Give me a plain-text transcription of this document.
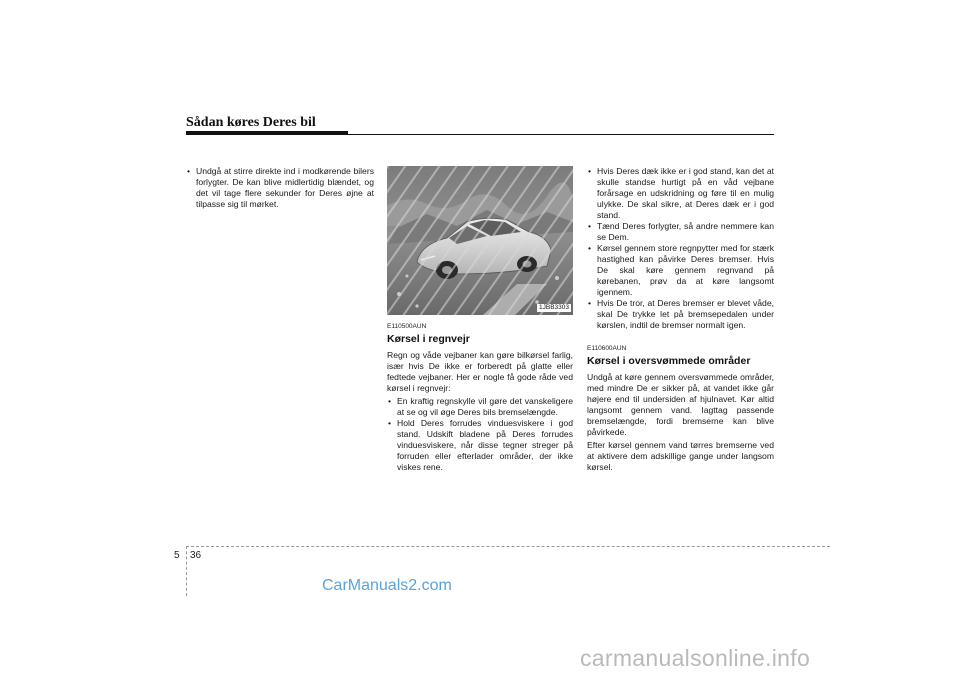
Sådan køres Deres bil
• Undgå at stirre direkte ind i modkørende bilers forlygter. De kan blive midlertidig blændet, og det vil tage flere sekunder for Deres øjne at tilpasse sig til mørket.
1JBB3303
E110500AUN
Kørsel i regnvejr

Regn og våde vejbaner kan gøre bilkørsel farlig, især hvis De ikke er forberedt på glatte eller fedtede vejbaner. Her er nogle få gode råde ved kørsel i regnvejr:

• En kraftig regnskylle vil gøre det vanskeligere at se og vil øge Deres bils bremselængde.
• Hold Deres forrudes vinduesviskere i god stand. Udskift bladene på Deres forrudes vinduesviskere, når disse tegner streger på forruden eller efterlader områder, der ikke viskes rene.
• Hvis Deres dæk ikke er i god stand, kan det at skulle standse hurtigt på en våd vejbane forårsage en udskridning og føre til en mulig ulykke. De skal sikre, at Deres dæk er i god stand.
• Tænd Deres forlygter, så andre nemmere kan se Dem.
• Kørsel gennem store regnpytter med for stærk hastighed kan påvirke Deres bremser. Hvis De skal køre gennem regnvand på kørebanen, prøv da at køre langsomt igennem.
• Hvis De tror, at Deres bremser er blevet våde, skal De trykke let på bremsepedalen under kørslen, indtil de bremser normalt igen.
E110600AUN
Kørsel i oversvømmede områder

Undgå at køre gennem oversvømmede områder, med mindre De er sikker på, at vandet ikke går højere end til undersiden af hjulnavet. Kør altid langsomt gennem vand. Iagttag passende bremselængde, fordi bremserne kan blive påvirkede.

Efter kørsel gennem vand tørres bremserne ved at aktivere dem adskillige gange under langsom kørsel.

5 36
CarManuals2.com
carmanualsonline.info
